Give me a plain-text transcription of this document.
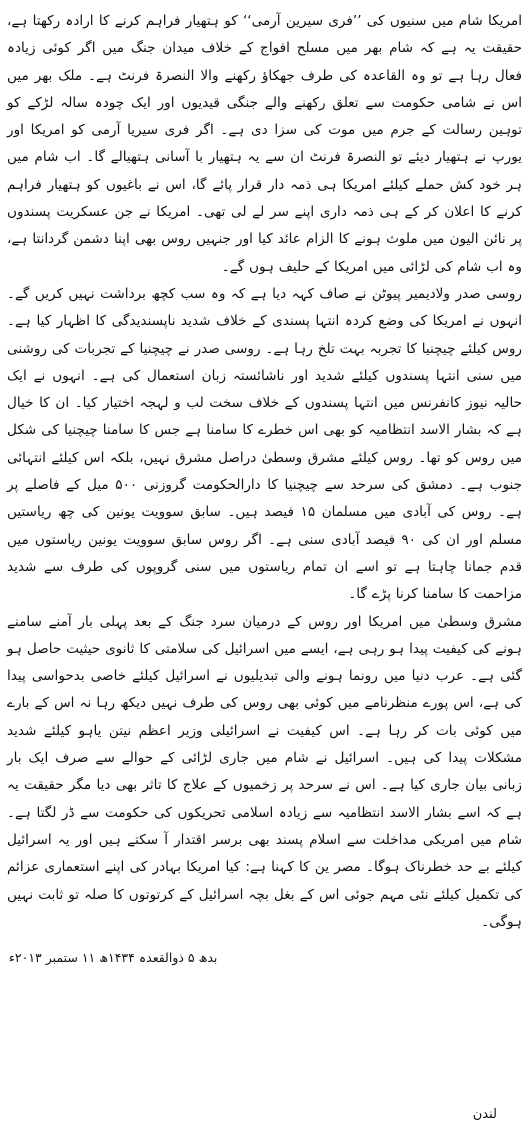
امریکا شام میں سنیوں کی ’’فری سیرین آرمی‘‘ کو ہتھیار فراہم کرنے کا ارادہ رکھتا ہے، حقیقت یہ ہے کہ شام بھر میں مسلح افواج کے خلاف میدان جنگ میں اگر کوئی زیادہ فعال رہا ہے تو وہ القاعدہ کی طرف جھکاؤ رکھنے والا النصرۃ فرنٹ ہے۔ ملک بھر میں اس نے شامی حکومت سے تعلق رکھنے والے جنگی قیدیوں اور ایک چودہ سالہ لڑکے کو توہین رسالت کے جرم میں موت کی سزا دی ہے۔ اگر فری سیریا آرمی کو امریکا اور یورپ نے ہتھیار دیئے تو النصرۃ فرنٹ ان سے یہ ہتھیار با آسانی ہتھیالے گا۔ اب شام میں ہر خود کش حملے کیلئے امریکا ہی ذمہ دار قرار پائے گا، اس نے باغیوں کو ہتھیار فراہم کرنے کا اعلان کر کے ہی ذمہ داری اپنے سر لے لی تھی۔ امریکا نے جن عسکریت پسندوں پر نائن الیون میں ملوث ہونے کا الزام عائد کیا اور جنہیں روس بھی اپنا دشمن گردانتا ہے، وہ اب شام کی لڑائی میں امریکا کے حلیف ہوں گے۔

روسی صدر ولادیمیر پیوٹن نے صاف کہہ دیا ہے کہ وہ سب کچھ برداشت نہیں کریں گے۔ انہوں نے امریکا کی وضع کردہ انتہا پسندی کے خلاف شدید ناپسندیدگی کا اظہار کیا ہے۔ روس کیلئے چیچنیا کا تجربہ بہت تلخ رہا ہے۔ روسی صدر نے چیچنیا کے تجربات کی روشنی میں سنی انتہا پسندوں کیلئے شدید اور ناشائستہ زبان استعمال کی ہے۔ انہوں نے ایک حالیہ نیوز کانفرنس میں انتہا پسندوں کے خلاف سخت لب و لہجہ اختیار کیا۔ ان کا خیال ہے کہ بشار الاسد انتظامیہ کو بھی اس خطرے کا سامنا ہے جس کا سامنا چیچنیا کی شکل میں روس کو تھا۔ روس کیلئے مشرق وسطیٰ دراصل مشرق نہیں، بلکہ اس کیلئے انتہائی جنوب ہے۔ دمشق کی سرحد سے چیچنیا کا دارالحکومت گروزنی ۵۰۰ میل کے فاصلے پر ہے۔ روس کی آبادی میں مسلمان ۱۵ فیصد ہیں۔ سابق سوویت یونین کی چھ ریاستیں مسلم اور ان کی ۹۰ فیصد آبادی سنی ہے۔ اگر روس سابق سوویت یونین ریاستوں میں قدم جمانا چاہتا ہے تو اسے ان تمام ریاستوں میں سنی گروپوں کی طرف سے شدید مزاحمت کا سامنا کرنا پڑے گا۔

مشرق وسطیٰ میں امریکا اور روس کے درمیان سرد جنگ کے بعد پہلی بار آمنے سامنے ہونے کی کیفیت پیدا ہو رہی ہے، ایسے میں اسرائیل کی سلامتی کا ثانوی حیثیت حاصل ہو گئی ہے۔ عرب دنیا میں رونما ہونے والی تبدیلیوں نے اسرائیل کیلئے خاصی بدحواسی پیدا کی ہے، اس پورے منظرنامے میں کوئی بھی روس کی طرف نہیں دیکھ رہا نہ اس کے بارے میں کوئی بات کر رہا ہے۔ اس کیفیت نے اسرائیلی وزیر اعظم نیتن یاہو کیلئے شدید مشکلات پیدا کی ہیں۔ اسرائیل نے شام میں جاری لڑائی کے حوالے سے صرف ایک بار زبانی بیان جاری کیا ہے۔ اس نے سرحد پر زخمیوں کے علاج کا تاثر بھی دیا مگر حقیقت یہ ہے کہ اسے بشار الاسد انتظامیہ سے زیادہ اسلامی تحریکوں کی حکومت سے ڈر لگتا ہے۔ شام میں امریکی مداخلت سے اسلام پسند بھی برسر اقتدار آ سکتے ہیں اور یہ اسرائیل کیلئے بے حد خطرناک ہوگا۔ مصر ین کا کہنا ہے: کیا امریکا بہادر کی اپنے استعماری عزائم کی تکمیل کیلئے نئی مہم جوئی اس کے بغل بچہ اسرائیل کے کرتوتوں کا صلہ تو ثابت نہیں ہوگی۔

بدھ ۵ ذوالقعدہ ۱۴۳۴ھ ۱۱ ستمبر ۲۰۱۳ء

لندن
